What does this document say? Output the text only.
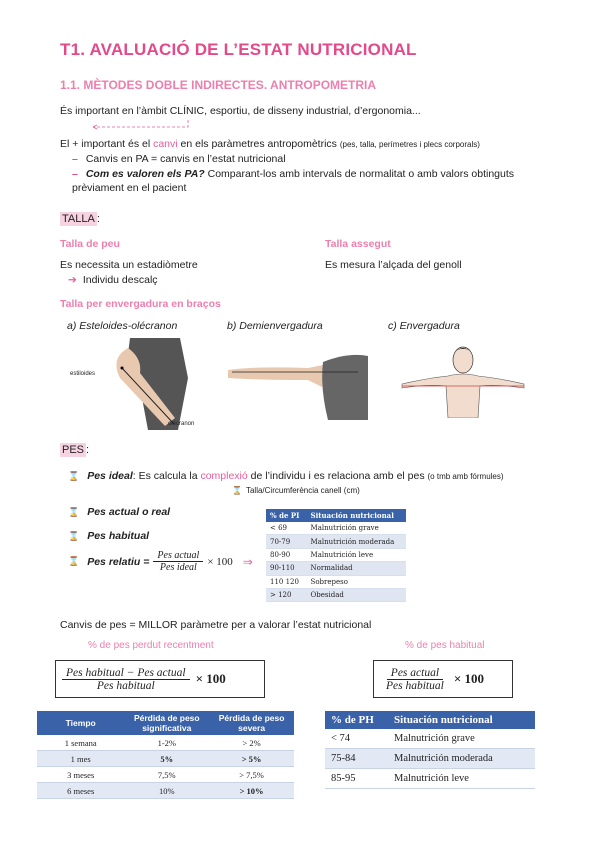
T1. AVALUACIÓ DE L’ESTAT NUTRICIONAL
1.1. MÈTODES DOBLE INDIRECTES. ANTROPOMETRIA
És important en l’àmbit CLÍNIC, esportiu, de disseny industrial, d’ergonomia...
El + important és el canvi en els paràmetres antropomètrics (pes, talla, perímetres i plecs corporals)
– Canvis en PA = canvis en l’estat nutricional
– Com es valoren els PA? Comparant-los amb intervals de normalitat o amb valors obtinguts prèviament en el pacient
TALLA :
Talla de peu
Es necessita un estadiòmetre
➔ Individu descalç
Talla assegut
Es mesura l’alçada del genoll
Talla per envergadura en braços
a) Esteloides-olécranon	b) Demienvergadura	c) Envergadura
estiloides
olécranon
PES :
⌛ Pes ideal: Es calcula la complexió de l’individu i es relaciona amb el pes (o tmb amb fórmules)
⌛ Talla/Circumferència canell (cm)
⌛ Pes actual o real
⌛ Pes habitual
⌛ Pes relatiu = $\frac{\text{Pes actual}}{\text{Pes ideal}} \times 100$ ⇒
% de PI	Situación nutricional
< 69	Malnutrición grave
70-79	Malnutrición moderada
80-90	Malnutrición leve
90-110	Normalidad
110 120	Sobrepeso
> 120	Obesidad
Canvis de pes = MILLOR paràmetre per a valorar l’estat nutricional
% de pes perdut recentment	% de pes habitual
$\frac{\text{Pes habitual − Pes actual}}{\text{Pes habitual}} \times 100$	$\frac{\text{Pes actual}}{\text{Pes habitual}} \times 100$
Tiempo	Pérdida de peso significativa	Pérdida de peso severa
1 semana	1-2%	> 2%
1 mes	5%	> 5%
3 meses	7,5%	> 7,5%
6 meses	10%	> 10%
% de PH	Situación nutricional
< 74	Malnutrición grave
75-84	Malnutrición moderada
85-95	Malnutrición leve
